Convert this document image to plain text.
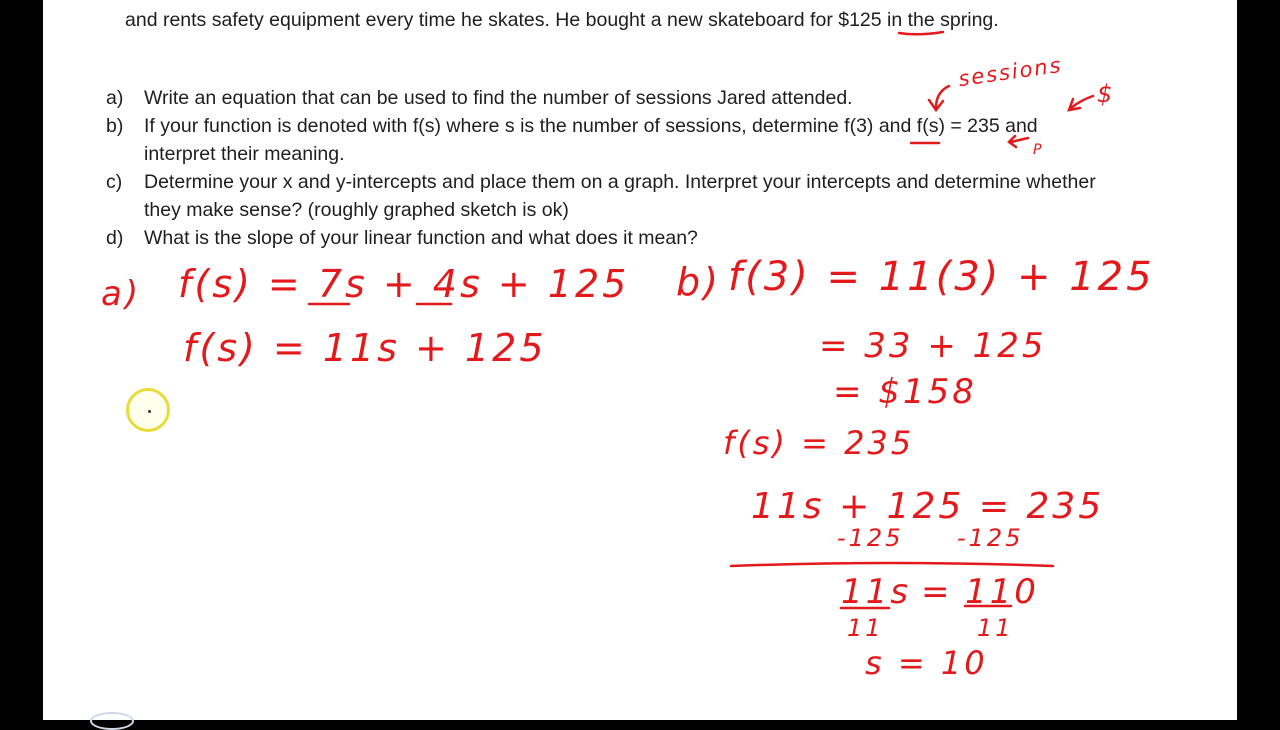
and rents safety equipment every time he skates. He bought a new skateboard for $125 in the spring.
a) Write an equation that can be used to find the number of sessions Jared attended.
b) If your function is denoted with f(s) where s is the number of sessions, determine f(3) and f(s) = 235 and
interpret their meaning.
c) Determine your x and y-intercepts and place them on a graph. Interpret your intercepts and determine whether
they make sense? (roughly graphed sketch is ok)
d) What is the slope of your linear function and what does it mean?
sessions
$
P
a) f(s) = 7s + 4s + 125
f(s) = 11s + 125
b) f(3) = 11(3) + 125
= 33 + 125
= $158
f(s) = 235
11s + 125 = 235
-125 -125
11s = 110
11	11
s = 10
ED WITH
